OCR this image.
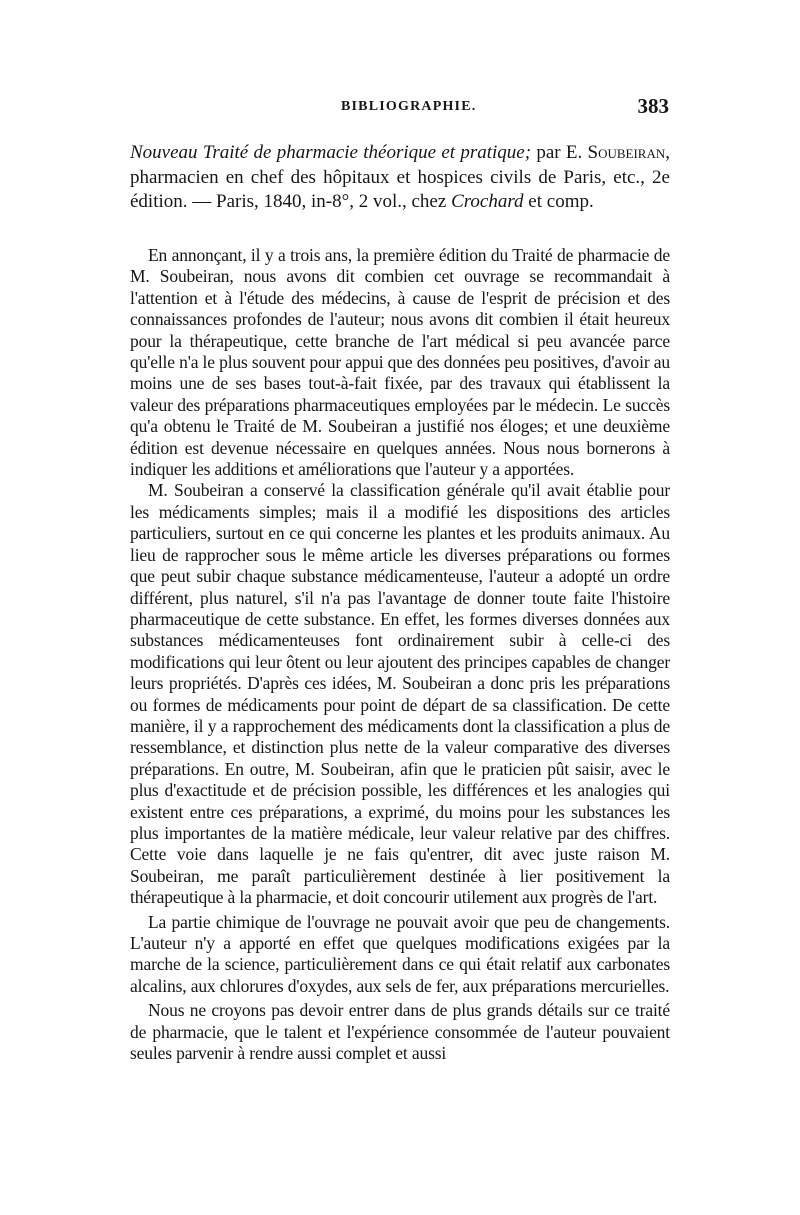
BIBLIOGRAPHIE.	383
Nouveau Traité de pharmacie théorique et pratique; par E. Soubeiran, pharmacien en chef des hôpitaux et hospices civils de Paris, etc., 2e édition. — Paris, 1840, in-8°, 2 vol., chez Crochard et comp.

En annonçant, il y a trois ans, la première édition du Traité de pharmacie de M. Soubeiran, nous avons dit combien cet ouvrage se recommandait à l'attention et à l'étude des médecins, à cause de l'esprit de précision et des connaissances profondes de l'auteur; nous avons dit combien il était heureux pour la thérapeutique, cette branche de l'art médical si peu avancée parce qu'elle n'a le plus souvent pour appui que des données peu positives, d'avoir au moins une de ses bases tout-à-fait fixée, par des travaux qui établissent la valeur des préparations pharmaceutiques employées par le médecin. Le succès qu'a obtenu le Traité de M. Soubeiran a justifié nos éloges; et une deuxième édition est devenue nécessaire en quelques années. Nous nous bornerons à indiquer les additions et améliorations que l'auteur y a apportées.

M. Soubeiran a conservé la classification générale qu'il avait établie pour les médicaments simples; mais il a modifié les dispositions des articles particuliers, surtout en ce qui concerne les plantes et les produits animaux. Au lieu de rapprocher sous le même article les diverses préparations ou formes que peut subir chaque substance médicamenteuse, l'auteur a adopté un ordre différent, plus naturel, s'il n'a pas l'avantage de donner toute faite l'histoire pharmaceutique de cette substance. En effet, les formes diverses données aux substances médicamenteuses font ordinairement subir à celle-ci des modifications qui leur ôtent ou leur ajoutent des principes capables de changer leurs propriétés. D'après ces idées, M. Soubeiran a donc pris les préparations ou formes de médicaments pour point de départ de sa classification. De cette manière, il y a rapprochement des médicaments dont la classification a plus de ressemblance, et distinction plus nette de la valeur comparative des diverses préparations. En outre, M. Soubeiran, afin que le praticien pût saisir, avec le plus d'exactitude et de précision possible, les différences et les analogies qui existent entre ces préparations, a exprimé, du moins pour les substances les plus importantes de la matière médicale, leur valeur relative par des chiffres. Cette voie dans laquelle je ne fais qu'entrer, dit avec juste raison M. Soubeiran, me paraît particulièrement destinée à lier positivement la thérapeutique à la pharmacie, et doit concourir utilement aux progrès de l'art.

La partie chimique de l'ouvrage ne pouvait avoir que peu de changements. L'auteur n'y a apporté en effet que quelques modifications exigées par la marche de la science, particulièrement dans ce qui était relatif aux carbonates alcalins, aux chlorures d'oxydes, aux sels de fer, aux préparations mercurielles.

Nous ne croyons pas devoir entrer dans de plus grands détails sur ce traité de pharmacie, que le talent et l'expérience consommée de l'auteur pouvaient seules parvenir à rendre aussi complet et aussi
